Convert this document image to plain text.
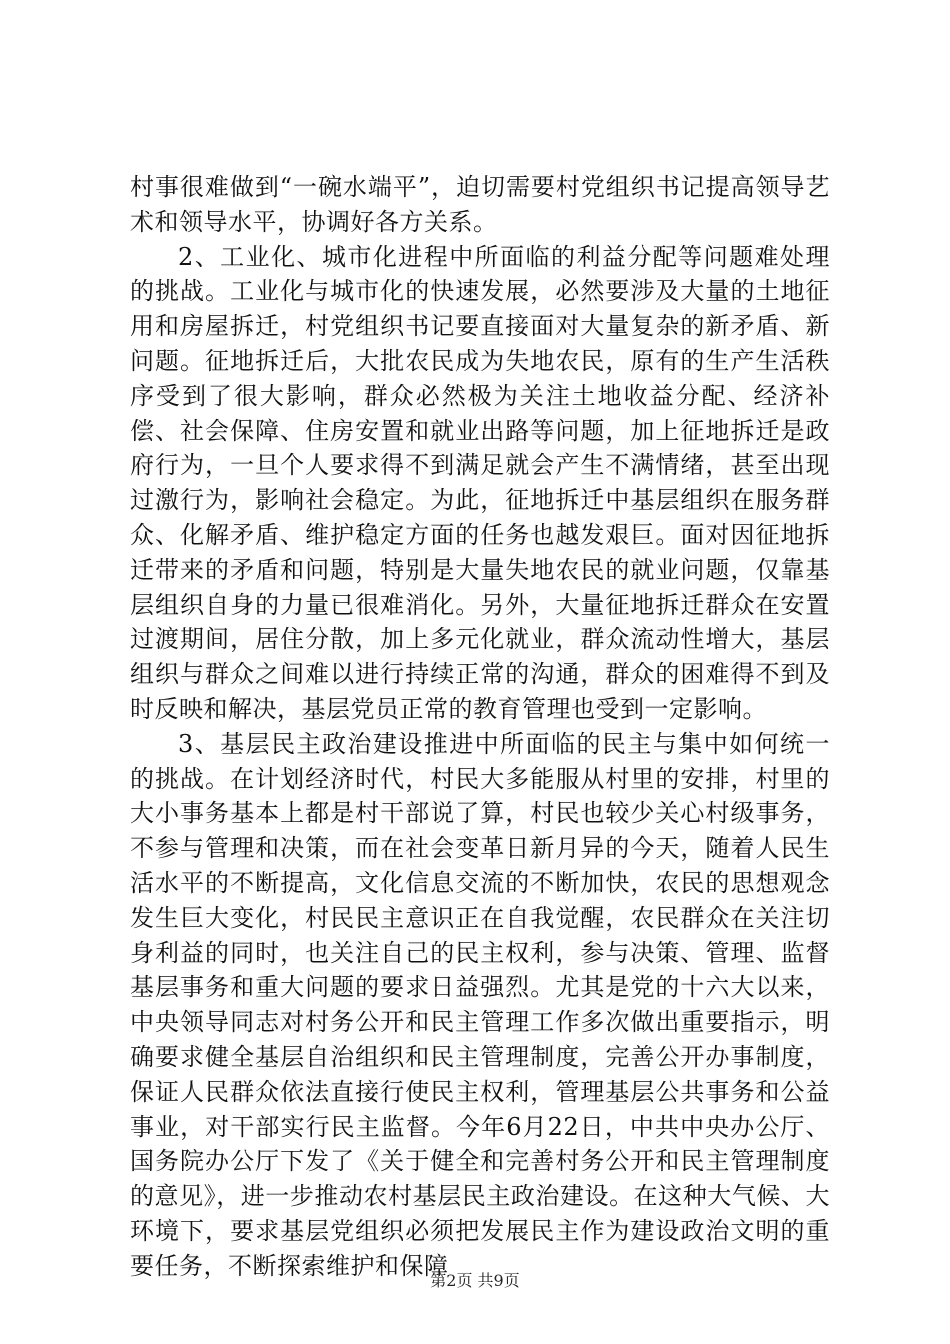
村事很难做到“一碗水端平”，迫切需要村党组织书记提高领导艺术和领导水平，协调好各方关系。

2、工业化、城市化进程中所面临的利益分配等问题难处理的挑战。工业化与城市化的快速发展，必然要涉及大量的土地征用和房屋拆迁，村党组织书记要直接面对大量复杂的新矛盾、新问题。征地拆迁后，大批农民成为失地农民，原有的生产生活秩序受到了很大影响，群众必然极为关注土地收益分配、经济补偿、社会保障、住房安置和就业出路等问题，加上征地拆迁是政府行为，一旦个人要求得不到满足就会产生不满情绪，甚至出现过激行为，影响社会稳定。为此，征地拆迁中基层组织在服务群众、化解矛盾、维护稳定方面的任务也越发艰巨。面对因征地拆迁带来的矛盾和问题，特别是大量失地农民的就业问题，仅靠基层组织自身的力量已很难消化。另外，大量征地拆迁群众在安置过渡期间，居住分散，加上多元化就业，群众流动性增大，基层组织与群众之间难以进行持续正常的沟通，群众的困难得不到及时反映和解决，基层党员正常的教育管理也受到一定影响。

3、基层民主政治建设推进中所面临的民主与集中如何统一的挑战。在计划经济时代，村民大多能服从村里的安排，村里的大小事务基本上都是村干部说了算，村民也较少关心村级事务，不参与管理和决策，而在社会变革日新月异的今天，随着人民生活水平的不断提高，文化信息交流的不断加快，农民的思想观念发生巨大变化，村民民主意识正在自我觉醒，农民群众在关注切身利益的同时，也关注自己的民主权利，参与决策、管理、监督基层事务和重大问题的要求日益强烈。尤其是党的十六大以来，中央领导同志对村务公开和民主管理工作多次做出重要指示，明确要求健全基层自治组织和民主管理制度，完善公开办事制度，保证人民群众依法直接行使民主权利，管理基层公共事务和公益事业，对干部实行民主监督。今年6月22日，中共中央办公厅、国务院办公厅下发了《关于健全和完善村务公开和民主管理制度的意见》，进一步推动农村基层民主政治建设。在这种大气候、大环境下，要求基层党组织必须把发展民主作为建设政治文明的重要任务，不断探索维护和保障

第2页 共9页
